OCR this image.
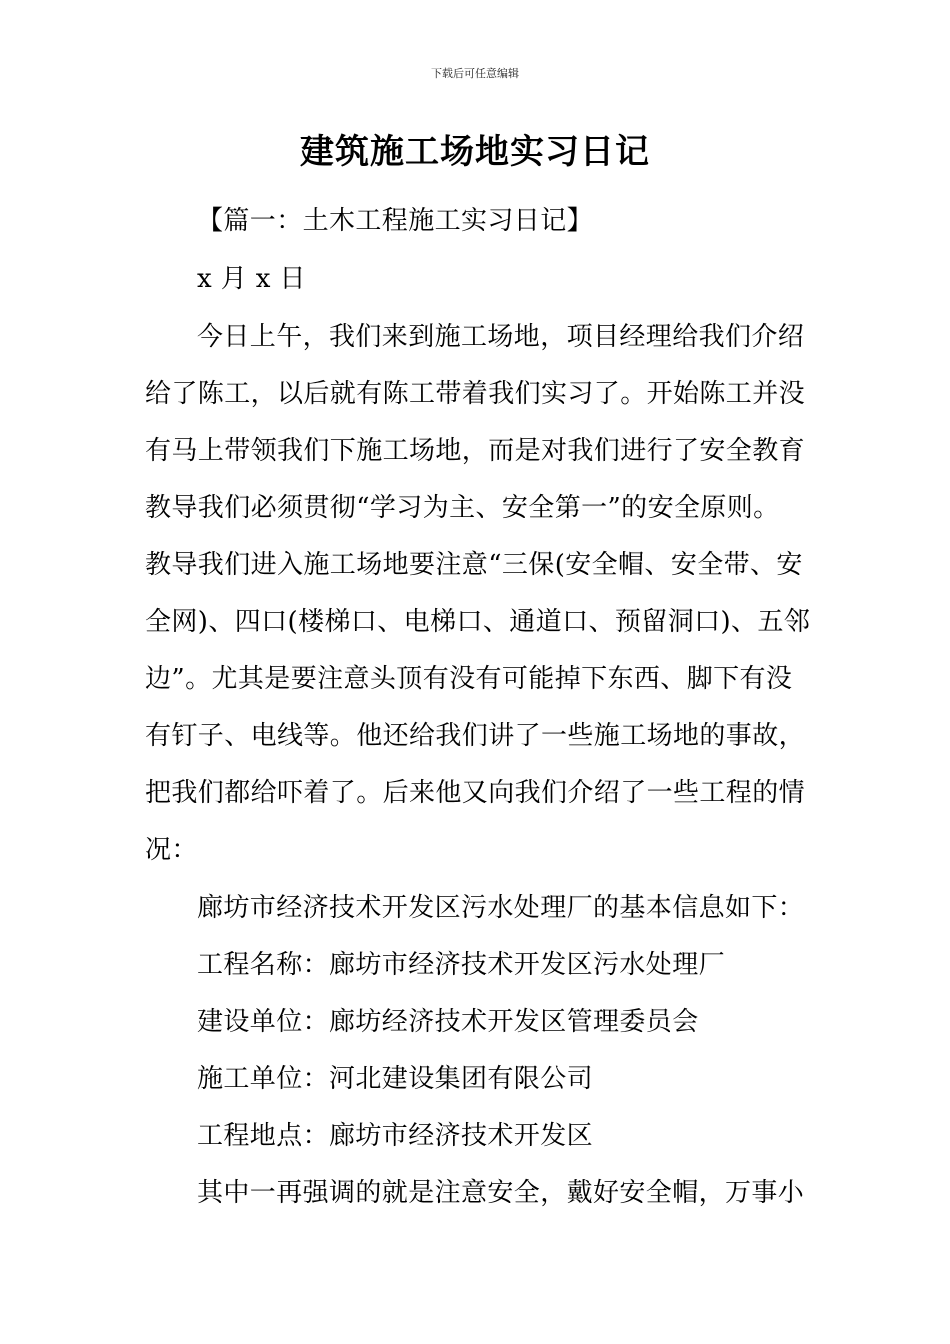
下载后可任意编辑
建筑施工场地实习日记
【篇一：土木工程施工实习日记】
x 月 x 日
今日上午，我们来到施工场地，项目经理给我们介绍
给了陈工，以后就有陈工带着我们实习了。开始陈工并没
有马上带领我们下施工场地，而是对我们进行了安全教育
教导我们必须贯彻“学习为主、安全第一”的安全原则。
教导我们进入施工场地要注意“三保(安全帽、安全带、安
全网)、四口(楼梯口、电梯口、通道口、预留洞口)、五邻
边”。尤其是要注意头顶有没有可能掉下东西、脚下有没
有钉子、电线等。他还给我们讲了一些施工场地的事故，
把我们都给吓着了。后来他又向我们介绍了一些工程的情
况：
廊坊市经济技术开发区污水处理厂的基本信息如下：
工程名称：廊坊市经济技术开发区污水处理厂
建设单位：廊坊经济技术开发区管理委员会
施工单位：河北建设集团有限公司
工程地点：廊坊市经济技术开发区
其中一再强调的就是注意安全，戴好安全帽，万事小
